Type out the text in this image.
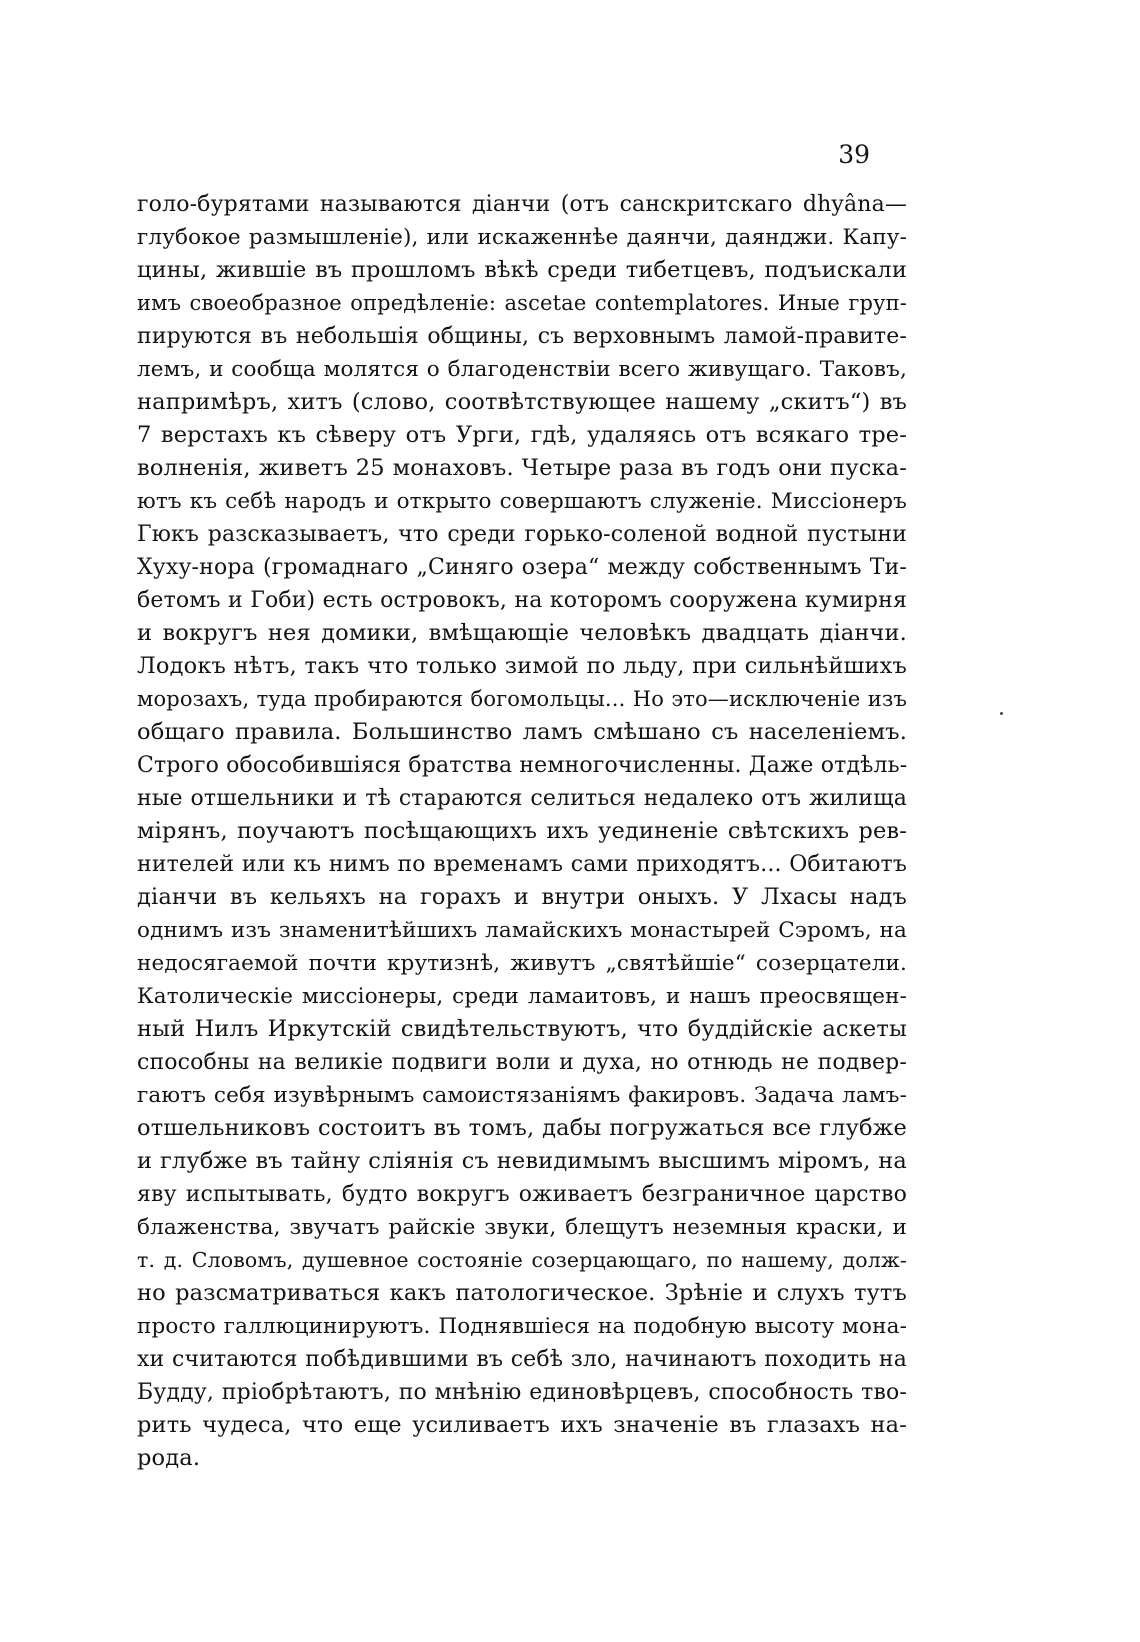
39
голо-бурятами называются діанчи (отъ санскритскаго dhyâna—
глубокое размышленіе), или искаженнѣе даянчи, даянджи. Капу-
цины, жившіе въ прошломъ вѣкѣ среди тибетцевъ, подъискали
имъ своеобразное опредѣленіе: ascetae contemplatores. Иные груп-
пируются въ небольшія общины, съ верховнымъ ламой-правите-
лемъ, и сообща молятся о благоденствіи всего живущаго. Таковъ,
напримѣръ, хитъ (слово, соотвѣтствующее нашему „скитъ“) въ
7 верстахъ къ сѣверу отъ Урги, гдѣ, удаляясь отъ всякаго тре-
волненія, живетъ 25 монаховъ. Четыре раза въ годъ они пуска-
ютъ къ себѣ народъ и открыто совершаютъ служеніе. Миссіонеръ
Гюкъ разсказываетъ, что среди горько-соленой водной пустыни
Хуху-нора (громаднаго „Синяго озера“ между собственнымъ Ти-
бетомъ и Гоби) есть островокъ, на которомъ сооружена кумирня
и вокругъ нея домики, вмѣщающіе человѣкъ двадцать діанчи.
Лодокъ нѣтъ, такъ что только зимой по льду, при сильнѣйшихъ
морозахъ, туда пробираются богомольцы... Но это—исключеніе изъ
общаго правила. Большинство ламъ смѣшано съ населеніемъ.
Строго обособившіяся братства немногочисленны. Даже отдѣль-
ные отшельники и тѣ стараются селиться недалеко отъ жилища
мірянъ, поучаютъ посѣщающихъ ихъ уединеніе свѣтскихъ рев-
нителей или къ нимъ по временамъ сами приходятъ... Обитаютъ
діанчи въ кельяхъ на горахъ и внутри оныхъ. У Лхасы надъ
однимъ изъ знаменитѣйшихъ ламайскихъ монастырей Сэромъ, на
недосягаемой почти крутизнѣ, живутъ „святѣйшіе“ созерцатели.
Католическіе миссіонеры, среди ламаитовъ, и нашъ преосвящен-
ный Нилъ Иркутскій свидѣтельствуютъ, что буддійскіе аскеты
способны на великіе подвиги воли и духа, но отнюдь не подвер-
гаютъ себя изувѣрнымъ самоистязаніямъ факировъ. Задача ламъ-
отшельниковъ состоитъ въ томъ, дабы погружаться все глубже
и глубже въ тайну сліянія съ невидимымъ высшимъ міромъ, на
яву испытывать, будто вокругъ оживаетъ безграничное царство
блаженства, звучатъ райскіе звуки, блещутъ неземныя краски, и
т. д. Словомъ, душевное состояніе созерцающаго, по нашему, долж-
но разсматриваться какъ патологическое. Зрѣніе и слухъ тутъ
просто галлюцинируютъ. Поднявшіеся на подобную высоту мона-
хи считаются побѣдившими въ себѣ зло, начинаютъ походить на
Будду, пріобрѣтаютъ, по мнѣнію единовѣрцевъ, способность тво-
рить чудеса, что еще усиливаетъ ихъ значеніе въ глазахъ на-
рода.
